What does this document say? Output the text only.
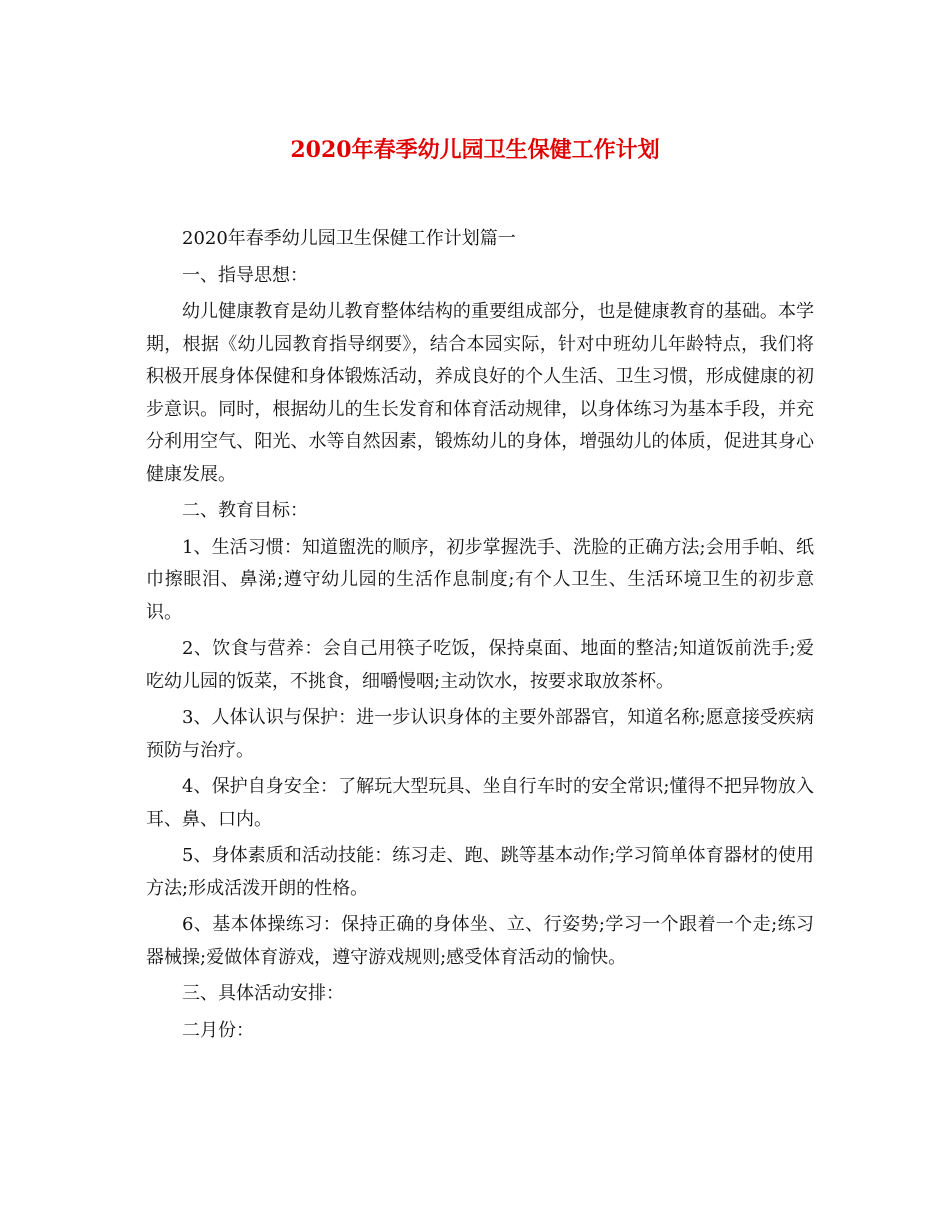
2020年春季幼儿园卫生保健工作计划

2020年春季幼儿园卫生保健工作计划篇一

一、指导思想：

幼儿健康教育是幼儿教育整体结构的重要组成部分，也是健康教育的基础。本学期，根据《幼儿园教育指导纲要》，结合本园实际，针对中班幼儿年龄特点，我们将积极开展身体保健和身体锻炼活动，养成良好的个人生活、卫生习惯，形成健康的初步意识。同时，根据幼儿的生长发育和体育活动规律，以身体练习为基本手段，并充分利用空气、阳光、水等自然因素，锻炼幼儿的身体，增强幼儿的体质，促进其身心健康发展。

二、教育目标：

1、生活习惯：知道盥洗的顺序，初步掌握洗手、洗脸的正确方法;会用手帕、纸巾擦眼泪、鼻涕;遵守幼儿园的生活作息制度;有个人卫生、生活环境卫生的初步意识。

2、饮食与营养：会自己用筷子吃饭，保持桌面、地面的整洁;知道饭前洗手;爱吃幼儿园的饭菜，不挑食，细嚼慢咽;主动饮水，按要求取放茶杯。

3、人体认识与保护：进一步认识身体的主要外部器官，知道名称;愿意接受疾病预防与治疗。

4、保护自身安全：了解玩大型玩具、坐自行车时的安全常识;懂得不把异物放入耳、鼻、口内。

5、身体素质和活动技能：练习走、跑、跳等基本动作;学习简单体育器材的使用方法;形成活泼开朗的性格。

6、基本体操练习：保持正确的身体坐、立、行姿势;学习一个跟着一个走;练习器械操;爱做体育游戏，遵守游戏规则;感受体育活动的愉快。

三、具体活动安排：

二月份：
